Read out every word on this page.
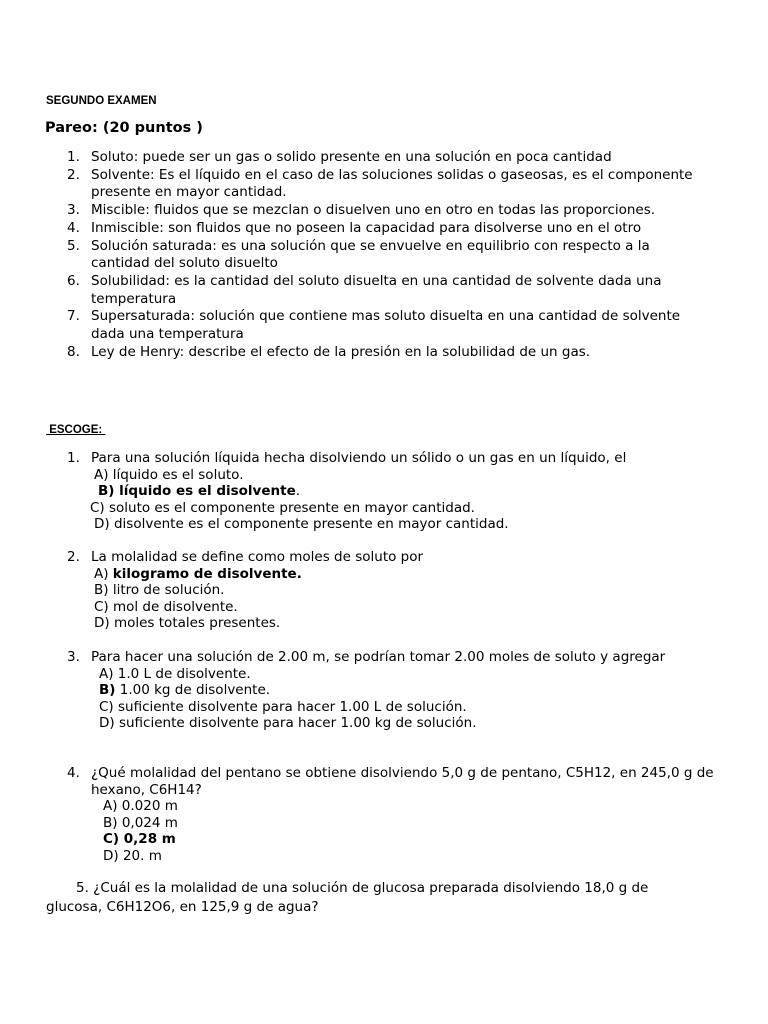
SEGUNDO EXAMEN
Pareo: (20 puntos )
1. Soluto: puede ser un gas o solido presente en una solución en poca cantidad
2. Solvente: Es el líquido en el caso de las soluciones solidas o gaseosas, es el componente presente en mayor cantidad.
3. Miscible: fluidos que se mezclan o disuelven uno en otro en todas las proporciones.
4. Inmiscible: son fluidos que no poseen la capacidad para disolverse uno en el otro
5. Solución saturada: es una solución que se envuelve en equilibrio con respecto a la cantidad del soluto disuelto
6. Solubilidad: es la cantidad del soluto disuelta en una cantidad de solvente dada una temperatura
7. Supersaturada: solución que contiene mas soluto disuelta en una cantidad de solvente dada una temperatura
8. Ley de Henry: describe el efecto de la presión en la solubilidad de un gas.
ESCOGE:
1. Para una solución líquida hecha disolviendo un sólido o un gas en un líquido, el
A) líquido es el soluto.
B) líquido es el disolvente.
C) soluto es el componente presente en mayor cantidad.
D) disolvente es el componente presente en mayor cantidad.
2. La molalidad se define como moles de soluto por
A) kilogramo de disolvente.
B) litro de solución.
C) mol de disolvente.
D) moles totales presentes.
3. Para hacer una solución de 2.00 m, se podrían tomar 2.00 moles de soluto y agregar
A) 1.0 L de disolvente.
B) 1.00 kg de disolvente.
C) suficiente disolvente para hacer 1.00 L de solución.
D) suficiente disolvente para hacer 1.00 kg de solución.
4. ¿Qué molalidad del pentano se obtiene disolviendo 5,0 g de pentano, C5H12, en 245,0 g de hexano, C6H14?
A) 0.020 m
B) 0,024 m
C) 0,28 m
D) 20. m
5. ¿Cuál es la molalidad de una solución de glucosa preparada disolviendo 18,0 g de glucosa, C6H12O6, en 125,9 g de agua?
